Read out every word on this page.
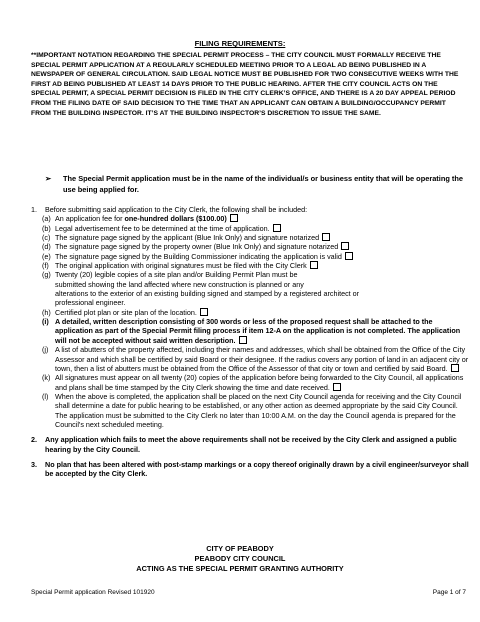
FILING REQUIREMENTS:
**IMPORTANT NOTATION REGARDING THE SPECIAL PERMIT PROCESS – THE CITY COUNCIL MUST FORMALLY RECEIVE THE SPECIAL PERMIT APPLICATION AT A REGULARLY SCHEDULED MEETING PRIOR TO A LEGAL AD BEING PUBLISHED IN A NEWSPAPER OF GENERAL CIRCULATION. SAID LEGAL NOTICE MUST BE PUBLISHED FOR TWO CONSECUTIVE WEEKS WITH THE FIRST AD BEING PUBLISHED AT LEAST 14 DAYS PRIOR TO THE PUBLIC HEARING. AFTER THE CITY COUNCIL ACTS ON THE SPECIAL PERMIT, A SPECIAL PERMIT DECISION IS FILED IN THE CITY CLERK’S OFFICE, AND THERE IS A 20 DAY APPEAL PERIOD FROM THE FILING DATE OF SAID DECISION TO THE TIME THAT AN APPLICANT CAN OBTAIN A BUILDING/OCCUPANCY PERMIT FROM THE BUILDING INSPECTOR. IT’S AT THE BUILDING INSPECTOR’S DISCRETION TO ISSUE THE SAME.
➢ The Special Permit application must be in the name of the individual/s or business entity that will be operating the use being applied for.
1. Before submitting said application to the City Clerk, the following shall be included:
(a) An application fee for one-hundred dollars ($100.00)
(b) Legal advertisement fee to be determined at the time of application.
(c) The signature page signed by the applicant (Blue Ink Only) and signature notarized
(d) The signature page signed by the property owner (Blue Ink Only) and signature notarized
(e) The signature page signed by the Building Commissioner indicating the application is valid
(f) The original application with original signatures must be filed with the City Clerk
(g) Twenty (20) legible copies of a site plan and/or Building Permit Plan must be
submitted showing the land affected where new construction is planned or any
alterations to the exterior of an existing building signed and stamped by a registered architect or
professional engineer.
(h) Certified plot plan or site plan of the location.
(i) A detailed, written description consisting of 300 words or less of the proposed request shall be attached to the application as part of the Special Permit filing process if item 12-A on the application is not completed. The application will not be accepted without said written description.
(j) A list of abutters of the property affected, including their names and addresses, which shall be obtained from the Office of the City Assessor and which shall be certified by said Board or their designee. If the radius covers any portion of land in an adjacent city or town, then a list of abutters must be obtained from the Office of the Assessor of that city or town and certified by said Board.
(k) All signatures must appear on all twenty (20) copies of the application before being forwarded to the City Council, all applications and plans shall be time stamped by the City Clerk showing the time and date received.
(l) When the above is completed, the application shall be placed on the next City Council agenda for receiving and the City Council shall determine a date for public hearing to be established, or any other action as deemed appropriate by the said City Council. The application must be submitted to the City Clerk no later than 10:00 A.M. on the day the Council agenda is prepared for the Council's next scheduled meeting.
2. Any application which fails to meet the above requirements shall not be received by the City Clerk and assigned a public hearing by the City Council.
3. No plan that has been altered with post-stamp markings or a copy thereof originally drawn by a civil engineer/surveyor shall be accepted by the City Clerk.
CITY OF PEABODY
PEABODY CITY COUNCIL
ACTING AS THE SPECIAL PERMIT GRANTING AUTHORITY
Special Permit application Revised 101920	Page 1 of 7
